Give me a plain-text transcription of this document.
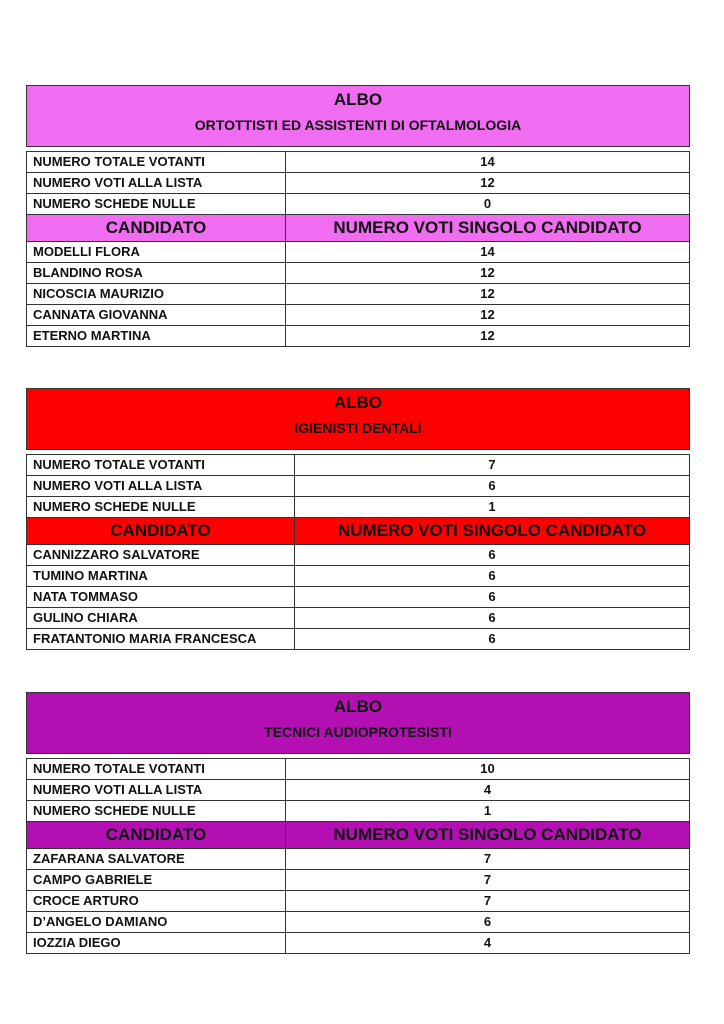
ALBO
ORTOTTISTI ED ASSISTENTI DI OFTALMOLOGIA
NUMERO TOTALE VOTANTI	14
NUMERO VOTI ALLA LISTA	12
NUMERO SCHEDE NULLE	0
CANDIDATO	NUMERO VOTI SINGOLO CANDIDATO
MODELLI FLORA	14
BLANDINO ROSA	12
NICOSCIA MAURIZIO	12
CANNATA GIOVANNA	12
ETERNO MARTINA	12
ALBO
IGIENISTI DENTALI
NUMERO TOTALE VOTANTI	7
NUMERO VOTI ALLA LISTA	6
NUMERO SCHEDE NULLE	1
CANDIDATO	NUMERO VOTI SINGOLO CANDIDATO
CANNIZZARO SALVATORE	6
TUMINO MARTINA	6
NATA TOMMASO	6
GULINO CHIARA	6
FRATANTONIO MARIA FRANCESCA	6
ALBO
TECNICI AUDIOPROTESISTI
NUMERO TOTALE VOTANTI	10
NUMERO VOTI ALLA LISTA	4
NUMERO SCHEDE NULLE	1
CANDIDATO	NUMERO VOTI SINGOLO CANDIDATO
ZAFARANA SALVATORE	7
CAMPO GABRIELE	7
CROCE ARTURO	7
D’ANGELO DAMIANO	6
IOZZIA DIEGO	4
